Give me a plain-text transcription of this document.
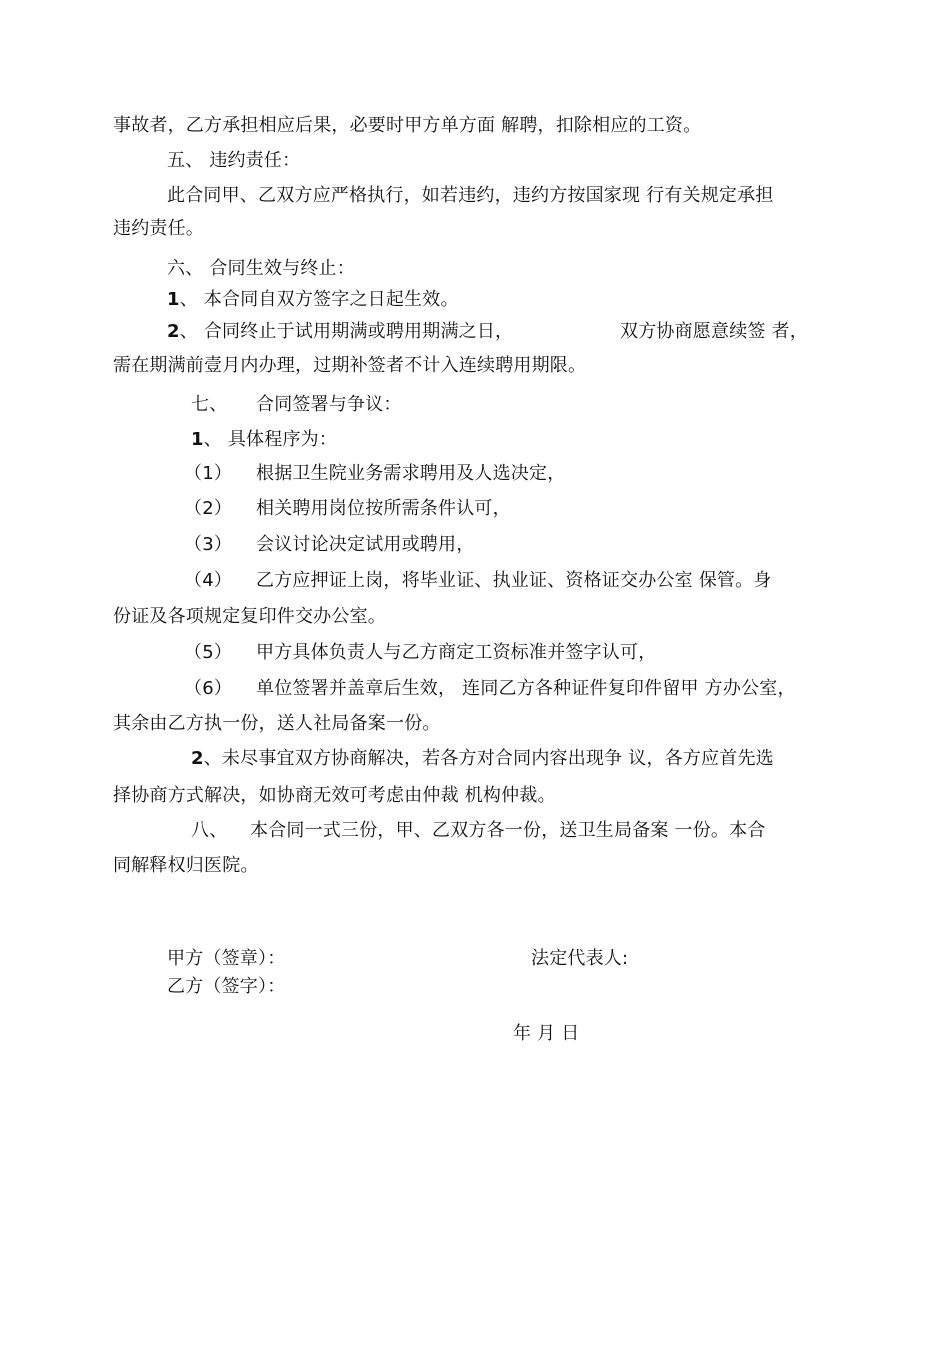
事故者，乙方承担相应后果，必要时甲方单方面 解聘，扣除相应的工资。
五、 违约责任：
此合同甲、乙双方应严格执行，如若违约，违约方按国家现 行有关规定承担
违约责任。
六、 合同生效与终止：
1、 本合同自双方签字之日起生效。
2、 合同终止于试用期满或聘用期满之日，	双方协商愿意续签 者，
需在期满前壹月内办理，过期补签者不计入连续聘用期限。
七、 合同签署与争议：
1、 具体程序为：
（1） 根据卫生院业务需求聘用及人选决定，
（2） 相关聘用岗位按所需条件认可，
（3） 会议讨论决定试用或聘用，
（4） 乙方应押证上岗，将毕业证、执业证、资格证交办公室 保管。身
份证及各项规定复印件交办公室。
（5） 甲方具体负责人与乙方商定工资标准并签字认可，
（6） 单位签署并盖章后生效， 连同乙方各种证件复印件留甲 方办公室，
其余由乙方执一份，送人社局备案一份。
2、未尽事宜双方协商解决，若各方对合同内容出现争 议，各方应首先选
择协商方式解决，如协商无效可考虑由仲裁 机构仲裁。
八、 本合同一式三份，甲、乙双方各一份，送卫生局备案 一份。本合
同解释权归医院。
甲方（签章）：	法定代表人:
乙方（签字）：
年 月 日
